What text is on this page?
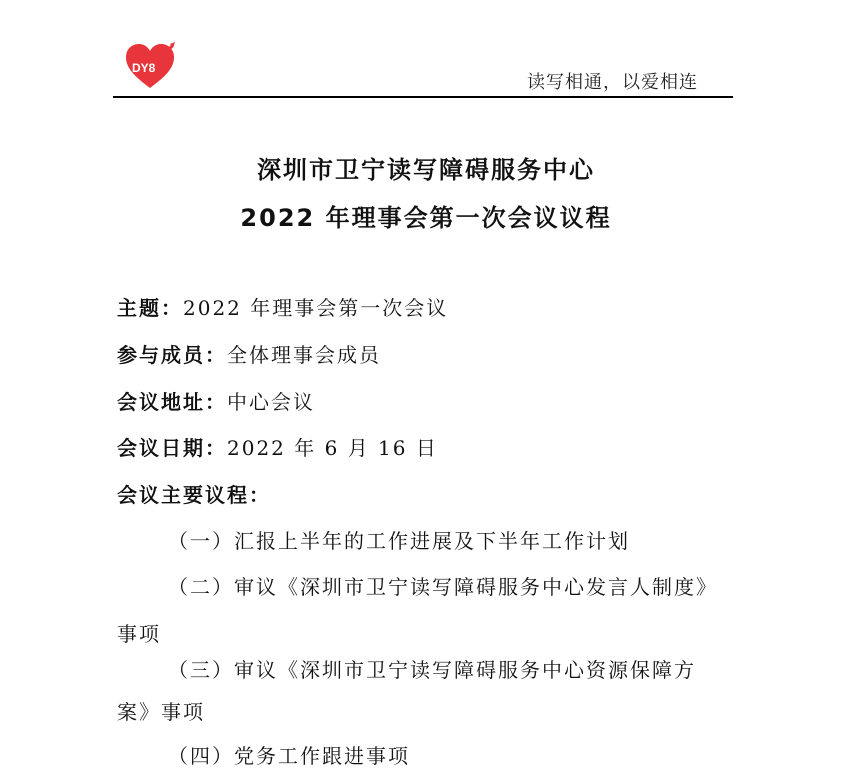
DY8
读写相通，以爱相连
深圳市卫宁读写障碍服务中心
2022 年理事会第一次会议议程
主题：2022 年理事会第一次会议
参与成员：全体理事会成员
会议地址：中心会议
会议日期：2022 年 6 月 16 日
会议主要议程：
（一）汇报上半年的工作进展及下半年工作计划
（二）审议《深圳市卫宁读写障碍服务中心发言人制度》
事项
（三）审议《深圳市卫宁读写障碍服务中心资源保障方
案》事项
（四）党务工作跟进事项
